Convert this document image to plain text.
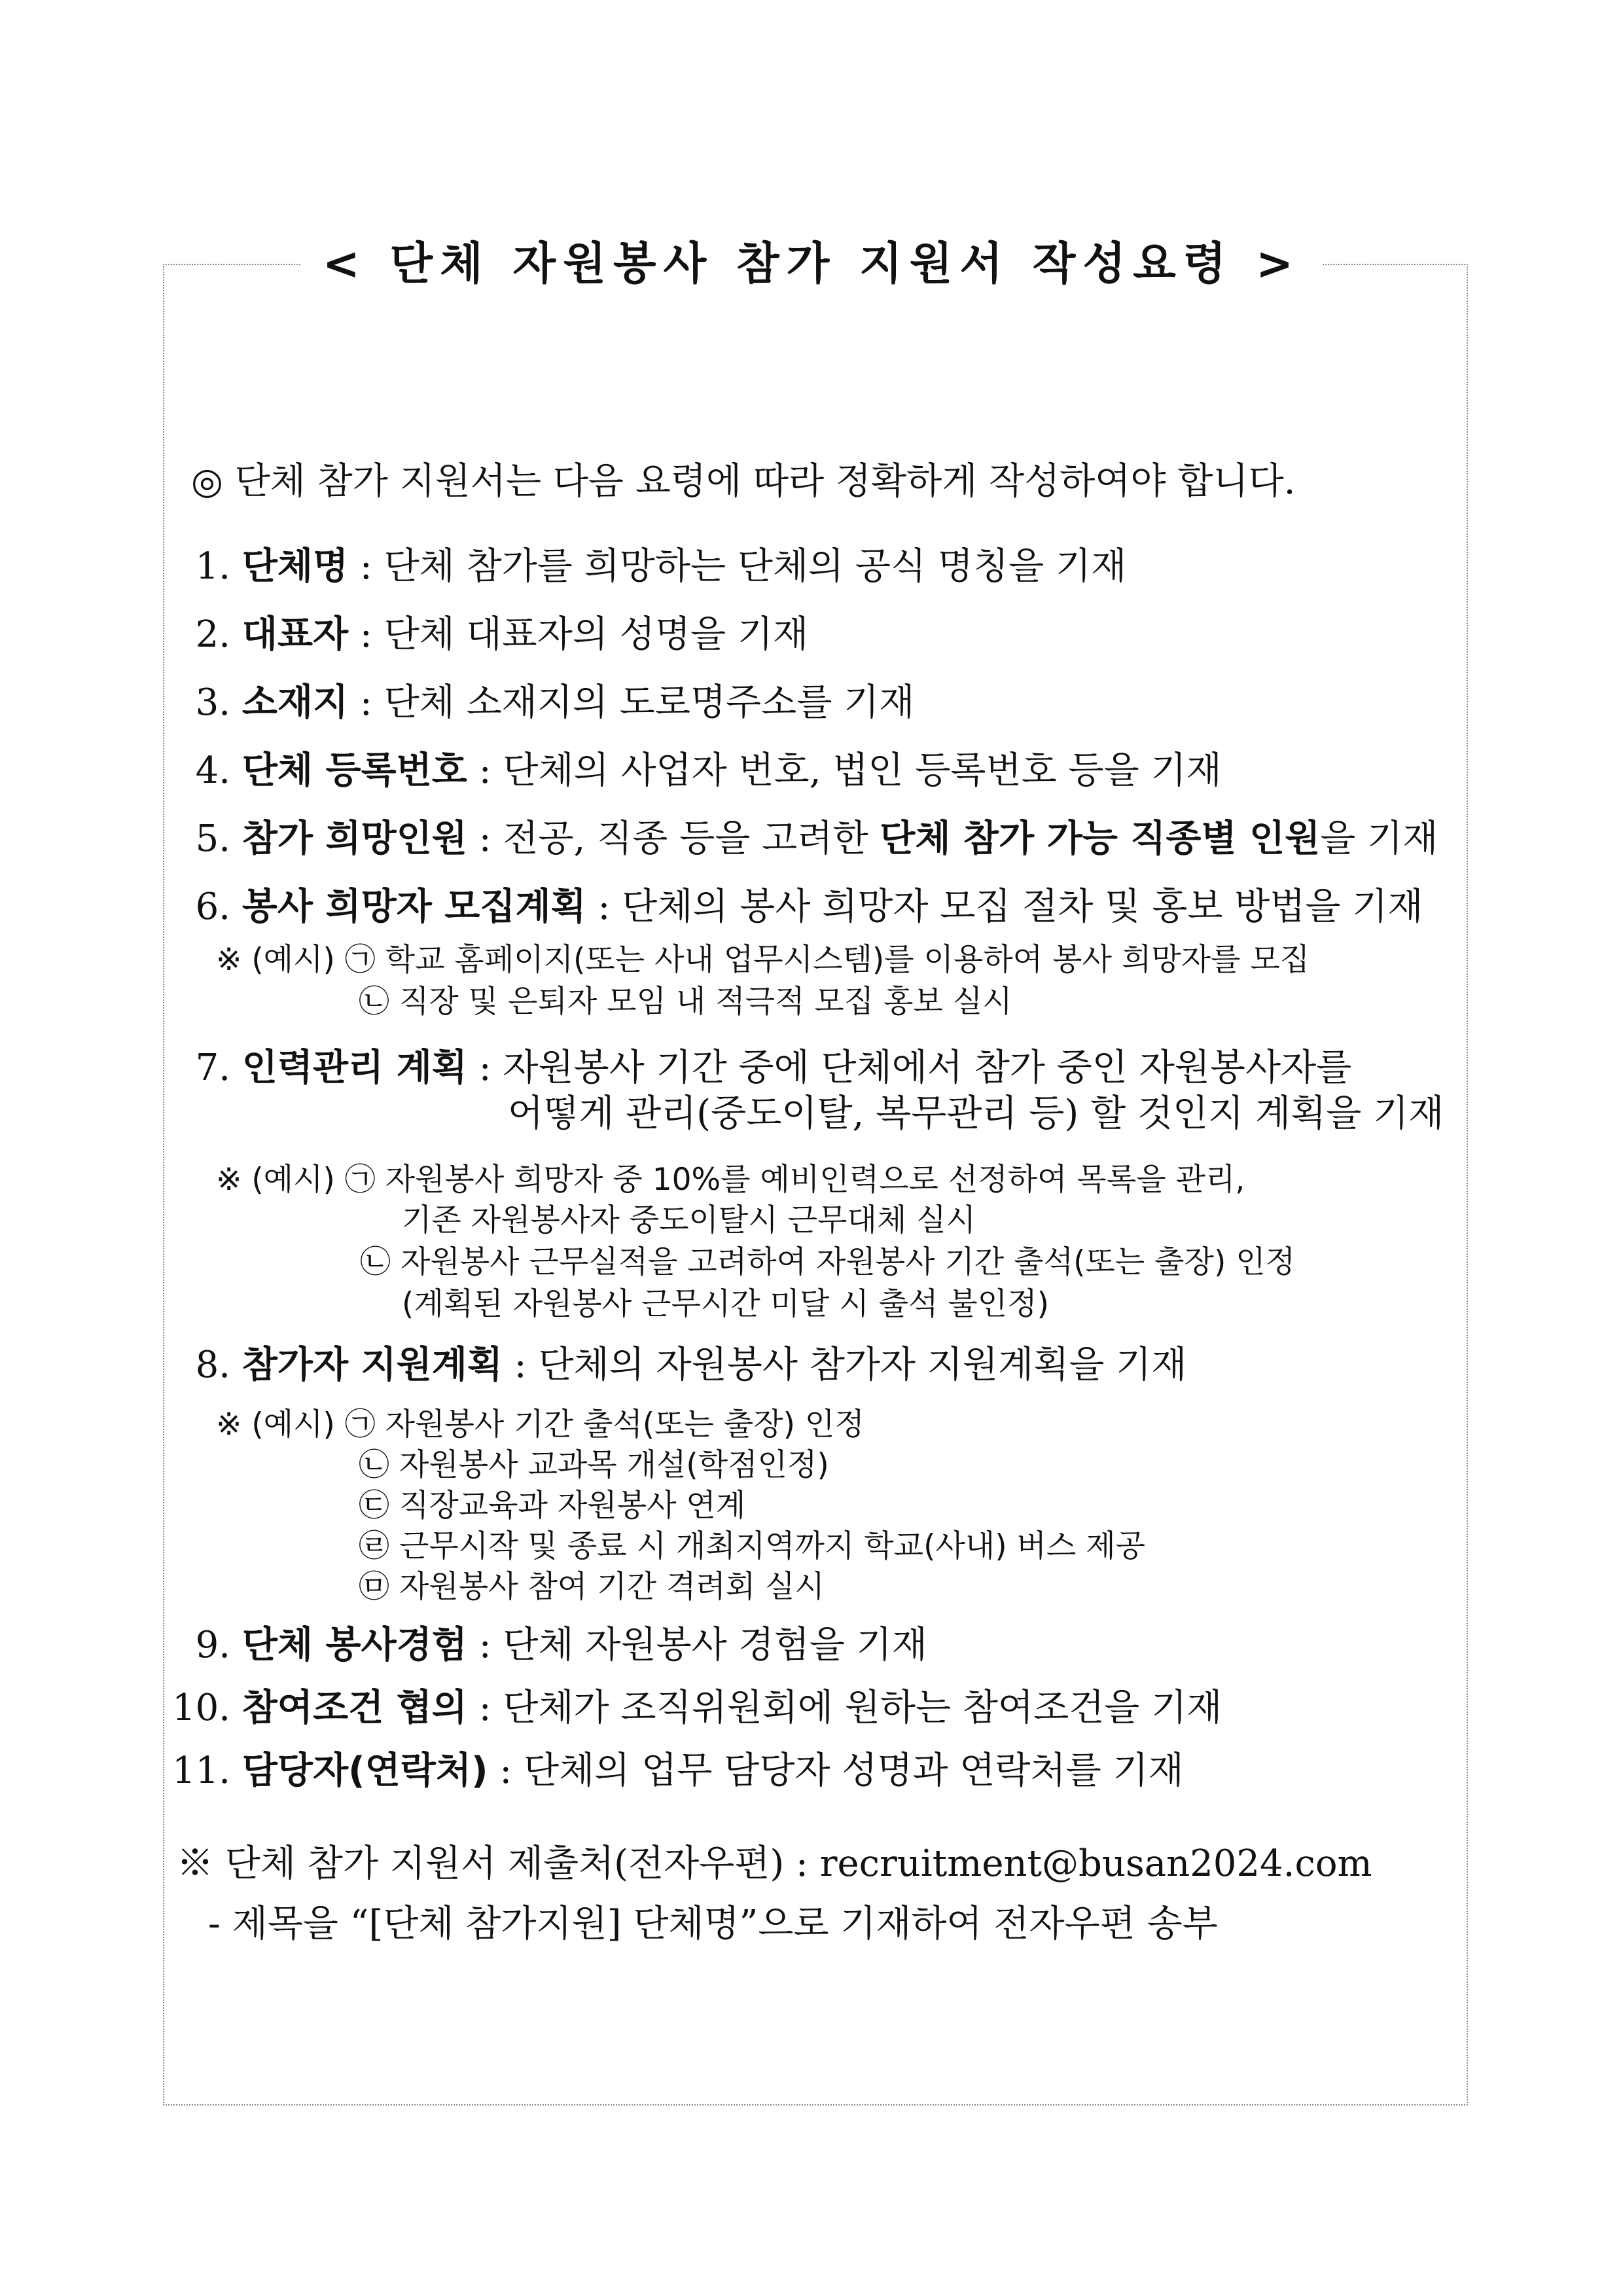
< 단체 자원봉사 참가 지원서 작성요령 >
◎ 단체 참가 지원서는 다음 요령에 따라 정확하게 작성하여야 합니다.
1. 단체명 : 단체 참가를 희망하는 단체의 공식 명칭을 기재
2. 대표자 : 단체 대표자의 성명을 기재
3. 소재지 : 단체 소재지의 도로명주소를 기재
4. 단체 등록번호 : 단체의 사업자 번호, 법인 등록번호 등을 기재
5. 참가 희망인원 : 전공, 직종 등을 고려한 단체 참가 가능 직종별 인원을 기재
6. 봉사 희망자 모집계획 : 단체의 봉사 희망자 모집 절차 및 홍보 방법을 기재
※ (예시) ㉠ 학교 홈페이지(또는 사내 업무시스템)를 이용하여 봉사 희망자를 모집
㉡ 직장 및 은퇴자 모임 내 적극적 모집 홍보 실시
7. 인력관리 계획 : 자원봉사 기간 중에 단체에서 참가 중인 자원봉사자를
어떻게 관리(중도이탈, 복무관리 등) 할 것인지 계획을 기재
※ (예시) ㉠ 자원봉사 희망자 중 10%를 예비인력으로 선정하여 목록을 관리,
기존 자원봉사자 중도이탈시 근무대체 실시
㉡ 자원봉사 근무실적을 고려하여 자원봉사 기간 출석(또는 출장) 인정
(계획된 자원봉사 근무시간 미달 시 출석 불인정)
8. 참가자 지원계획 : 단체의 자원봉사 참가자 지원계획을 기재
※ (예시) ㉠ 자원봉사 기간 출석(또는 출장) 인정
㉡ 자원봉사 교과목 개설(학점인정)
㉢ 직장교육과 자원봉사 연계
㉣ 근무시작 및 종료 시 개최지역까지 학교(사내) 버스 제공
㉤ 자원봉사 참여 기간 격려회 실시
9. 단체 봉사경험 : 단체 자원봉사 경험을 기재
10. 참여조건 협의 : 단체가 조직위원회에 원하는 참여조건을 기재
11. 담당자(연락처) : 단체의 업무 담당자 성명과 연락처를 기재
※ 단체 참가 지원서 제출처(전자우편) : recruitment@busan2024.com
- 제목을 “[단체 참가지원] 단체명”으로 기재하여 전자우편 송부
